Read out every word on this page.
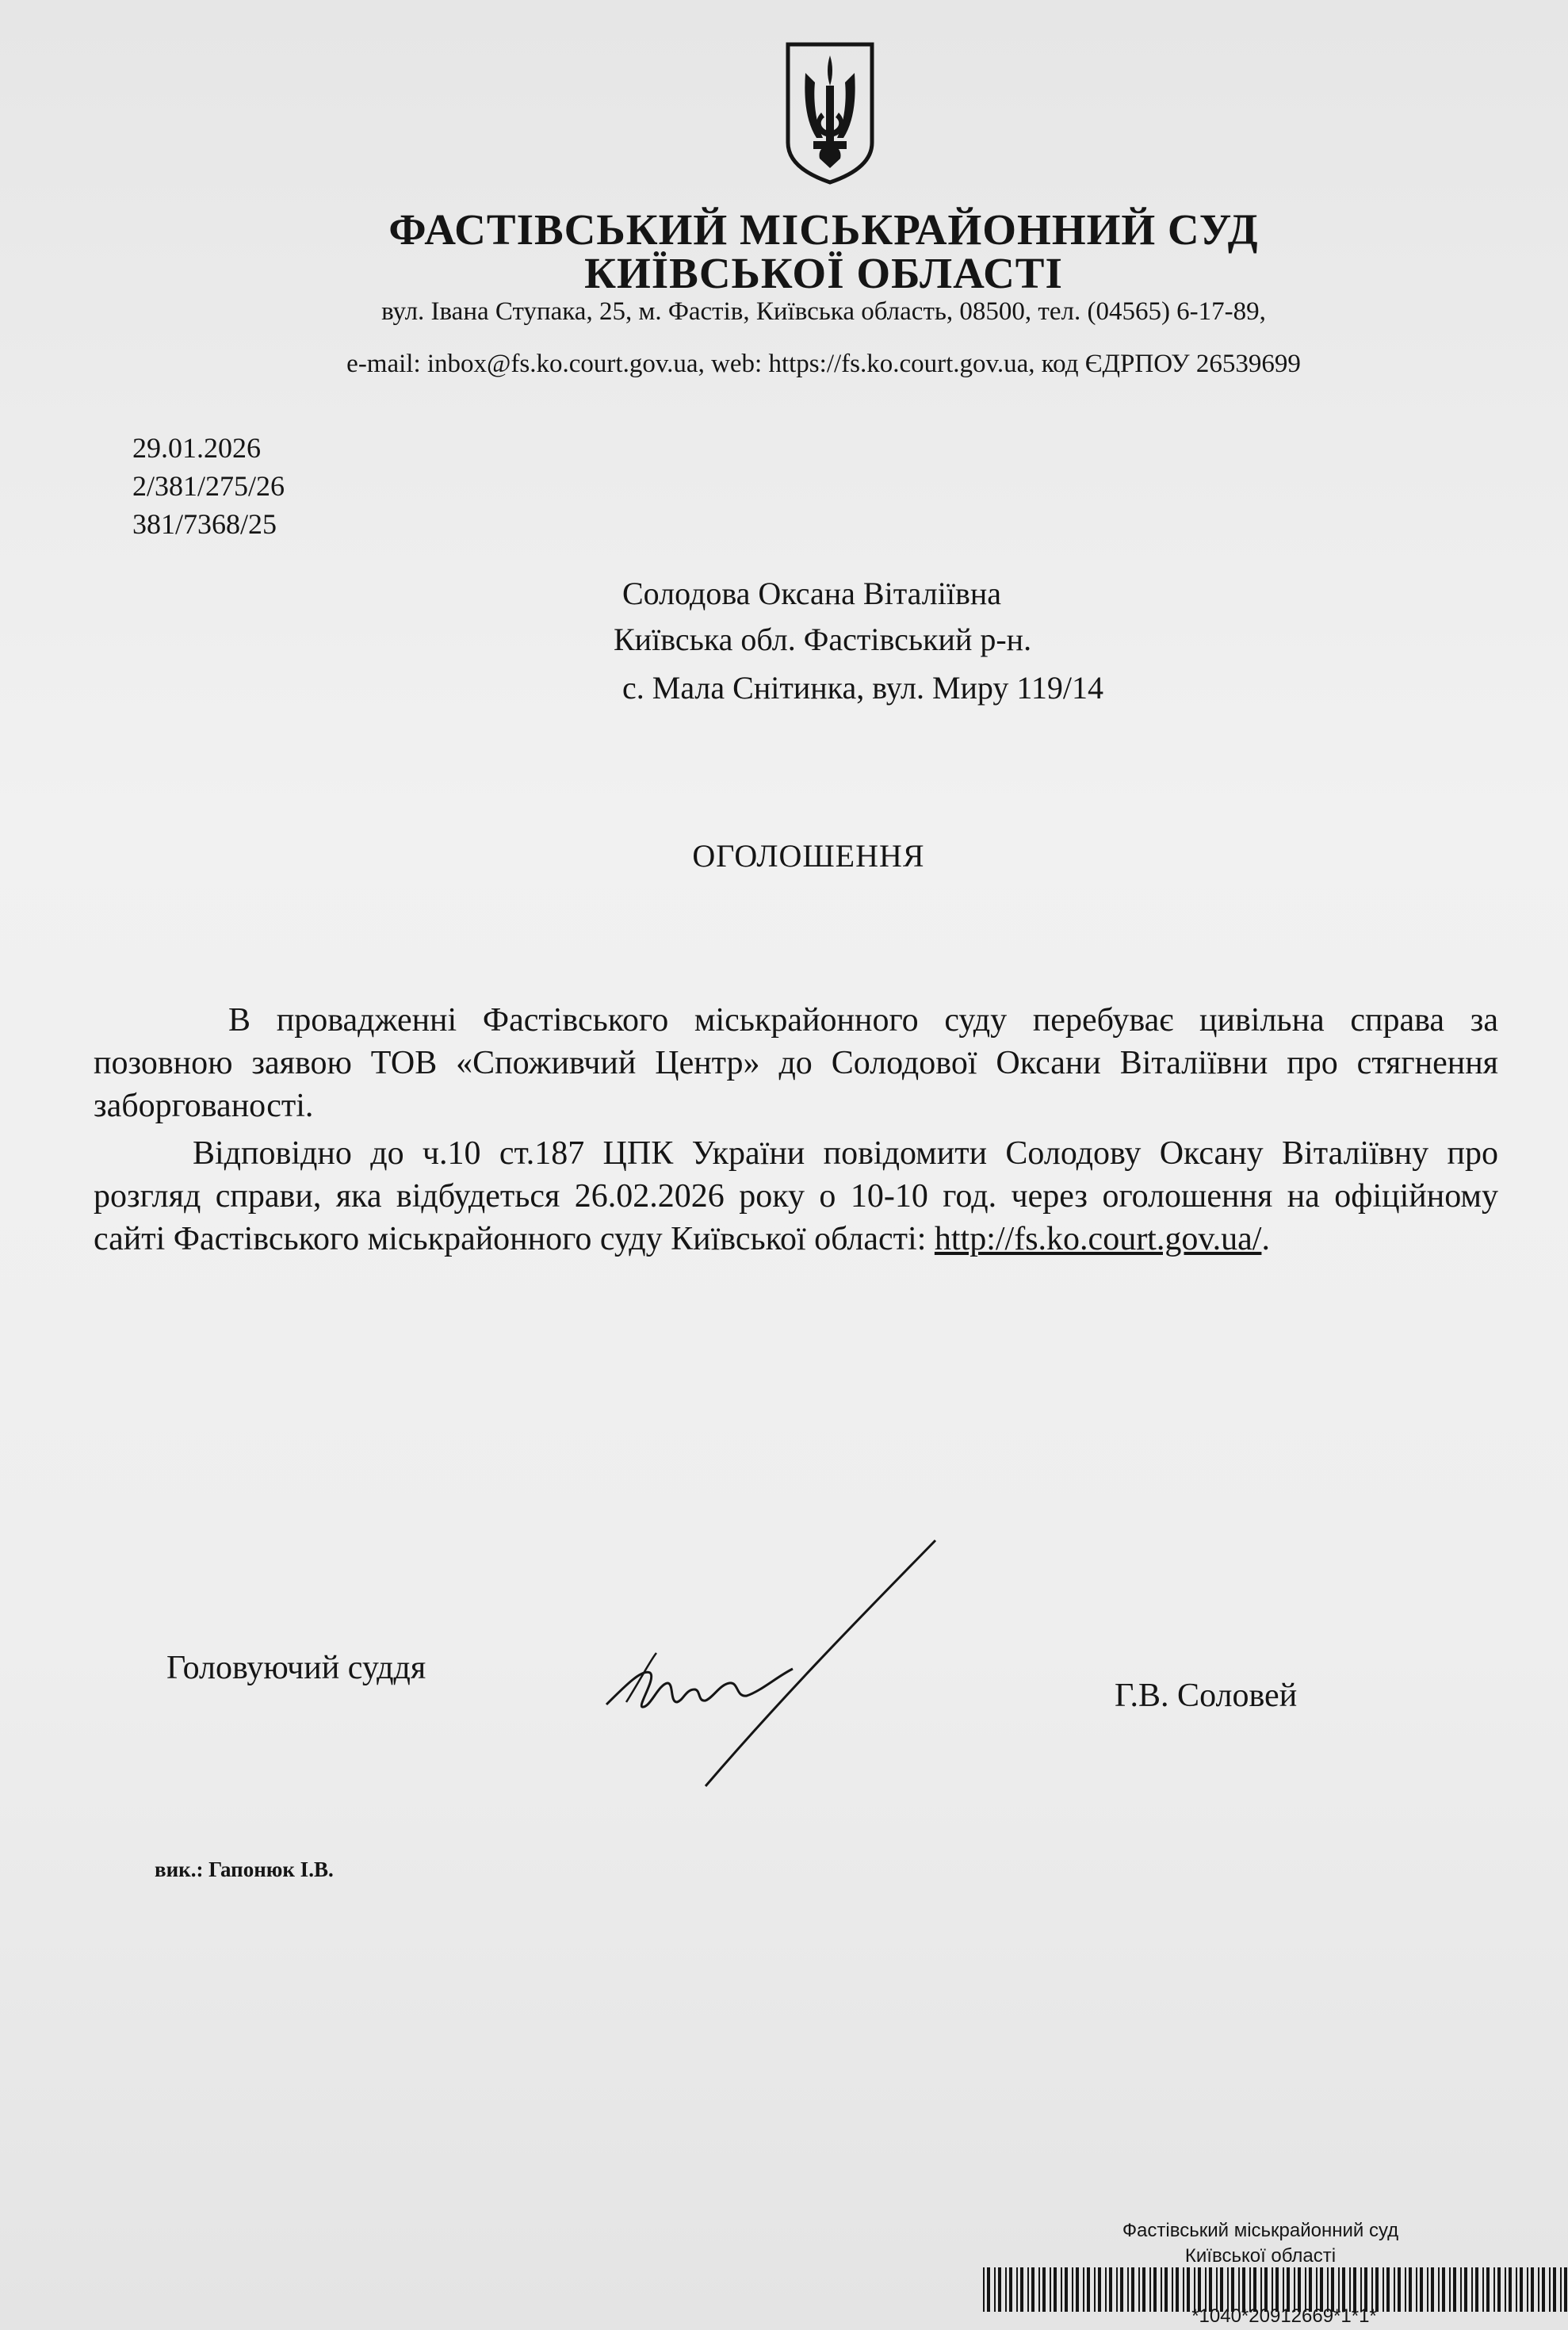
ФАСТІВСЬКИЙ МІСЬКРАЙОННИЙ СУД
КИЇВСЬКОЇ ОБЛАСТІ
вул. Івана Ступака, 25, м. Фастів, Київська область, 08500, тел. (04565) 6-17-89,
e-mail: inbox@fs.ko.court.gov.ua, web: https://fs.ko.court.gov.ua, код ЄДРПОУ 26539699
29.01.2026
2/381/275/26
381/7368/25
Солодова Оксана Віталіївна
Київська обл. Фастівський р-н.
с. Мала Снітинка, вул. Миру 119/14
ОГОЛОШЕННЯ

В провадженні Фастівського міськрайонного суду перебуває цивільна справа за позовною заявою ТОВ «Споживчий Центр» до Солодової Оксани Віталіївни про стягнення заборгованості.

Відповідно до ч.10 ст.187 ЦПК України повідомити Солодову Оксану Віталіївну про розгляд справи, яка відбудеться 26.02.2026 року о 10-10 год. через оголошення на офіційному сайті Фастівського міськрайонного суду Київської області: http://fs.ko.court.gov.ua/.

Головуючий суддя
Г.В. Соловей
вик.: Гапонюк І.В.
Фастівський міськрайонний суд
Київської області
*1040*20912669*1*1*
